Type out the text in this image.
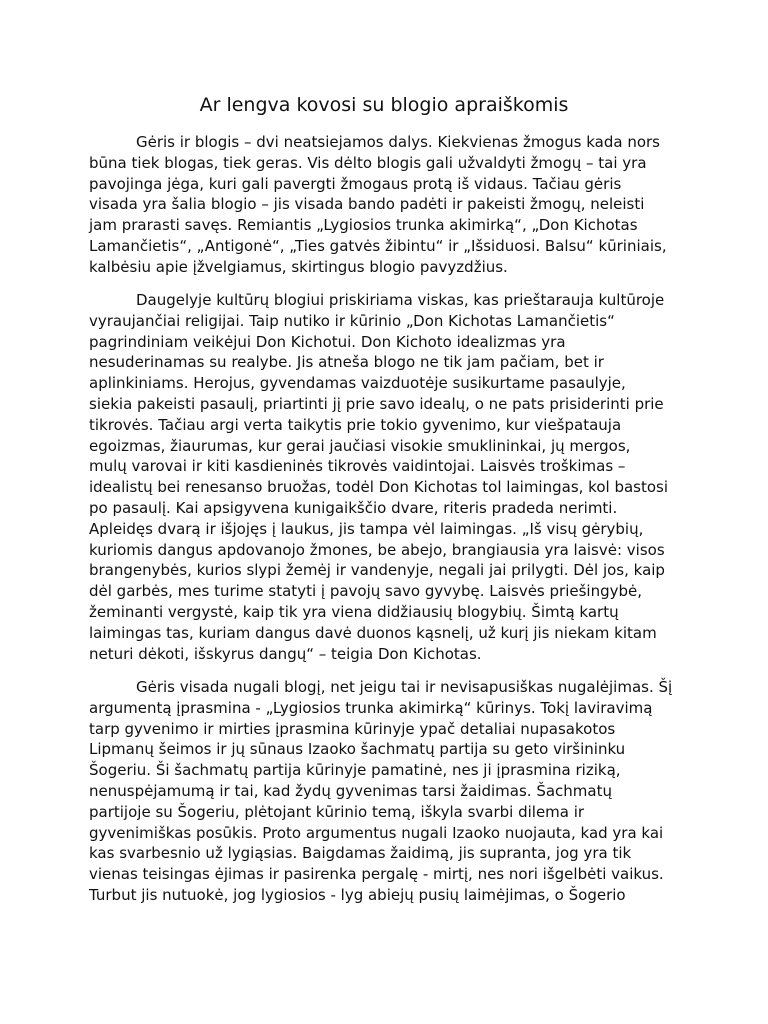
Ar lengva kovosi su blogio apraiškomis
Gėris ir blogis – dvi neatsiejamos dalys. Kiekvienas žmogus kada nors
būna tiek blogas, tiek geras. Vis dėlto blogis gali užvaldyti žmogų – tai yra
pavojinga jėga, kuri gali pavergti žmogaus protą iš vidaus. Tačiau gėris
visada yra šalia blogio – jis visada bando padėti ir pakeisti žmogų, neleisti
jam prarasti savęs. Remiantis „Lygiosios trunka akimirką“, „Don Kichotas
Lamančietis“, „Antigonė“, „Ties gatvės žibintu“ ir „Išsiduosi. Balsu“ kūriniais,
kalbėsiu apie įžvelgiamus, skirtingus blogio pavyzdžius.
Daugelyje kultūrų blogiui priskiriama viskas, kas prieštarauja kultūroje
vyraujančiai religijai. Taip nutiko ir kūrinio „Don Kichotas Lamančietis“
pagrindiniam veikėjui Don Kichotui. Don Kichoto idealizmas yra
nesuderinamas su realybe. Jis atneša blogo ne tik jam pačiam, bet ir
aplinkiniams. Herojus, gyvendamas vaizduotėje susikurtame pasaulyje,
siekia pakeisti pasaulį, priartinti jį prie savo idealų, o ne pats prisiderinti prie
tikrovės. Tačiau argi verta taikytis prie tokio gyvenimo, kur viešpatauja
egoizmas, žiaurumas, kur gerai jaučiasi visokie smuklininkai, jų mergos,
mulų varovai ir kiti kasdieninės tikrovės vaidintojai. Laisvės troškimas –
idealistų bei renesanso bruožas, todėl Don Kichotas tol laimingas, kol bastosi
po pasaulį. Kai apsigyvena kunigaikščio dvare, riteris pradeda nerimti.
Apleidęs dvarą ir išjojęs į laukus, jis tampa vėl laimingas. „Iš visų gėrybių,
kuriomis dangus apdovanojo žmones, be abejo, brangiausia yra laisvė: visos
brangenybės, kurios slypi žemėj ir vandenyje, negali jai prilygti. Dėl jos, kaip
dėl garbės, mes turime statyti į pavojų savo gyvybę. Laisvės priešingybė,
žeminanti vergystė, kaip tik yra viena didžiausių blogybių. Šimtą kartų
laimingas tas, kuriam dangus davė duonos kąsnelį, už kurį jis niekam kitam
neturi dėkoti, išskyrus dangų“ – teigia Don Kichotas.
Gėris visada nugali blogį, net jeigu tai ir nevisapusiškas nugalėjimas. Šį
argumentą įprasmina - „Lygiosios trunka akimirką“ kūrinys. Tokį laviravimą
tarp gyvenimo ir mirties įprasmina kūrinyje ypač detaliai nupasakotos
Lipmanų šeimos ir jų sūnaus Izaoko šachmatų partija su geto viršininku
Šogeriu. Ši šachmatų partija kūrinyje pamatinė, nes ji įprasmina riziką,
nenuspėjamumą ir tai, kad žydų gyvenimas tarsi žaidimas. Šachmatų
partijoje su Šogeriu, plėtojant kūrinio temą, iškyla svarbi dilema ir
gyvenimiškas posūkis. Proto argumentus nugali Izaoko nuojauta, kad yra kai
kas svarbesnio už lygiąsias. Baigdamas žaidimą, jis supranta, jog yra tik
vienas teisingas ėjimas ir pasirenka pergalę - mirtį, nes nori išgelbėti vaikus.
Turbut jis nutuokė, jog lygiosios - lyg abiejų pusių laimėjimas, o Šogerio
